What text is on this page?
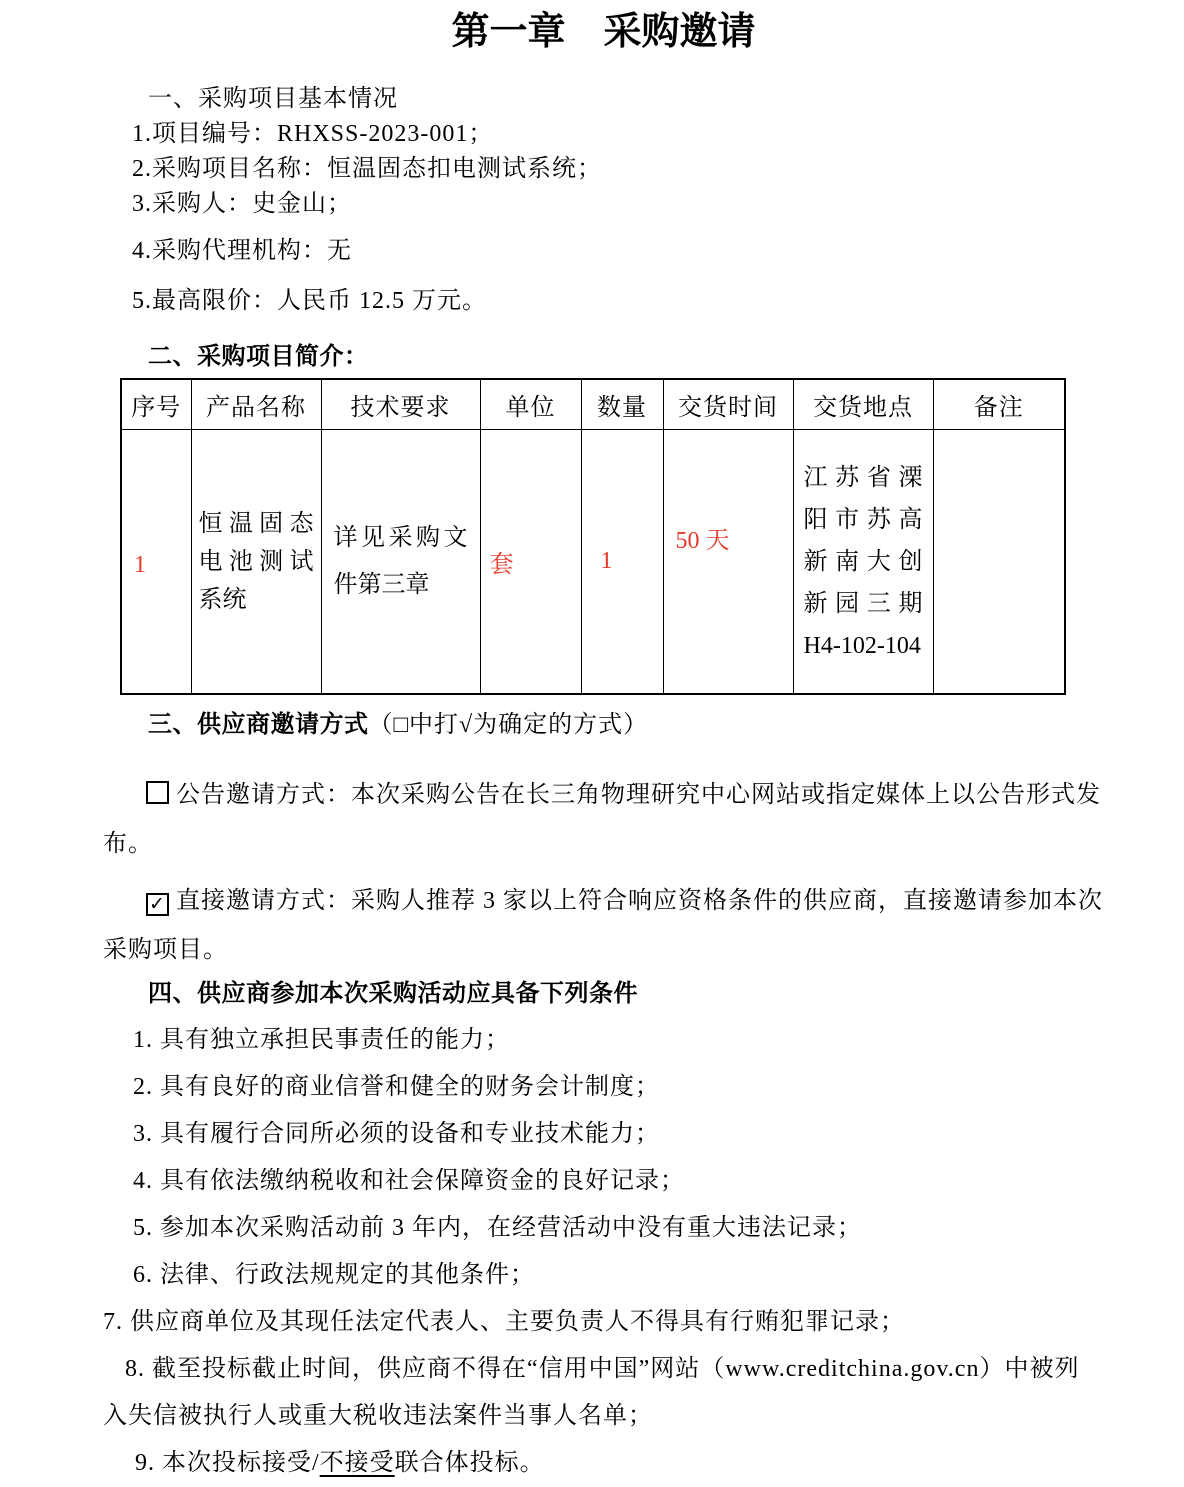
第一章　采购邀请

一、采购项目基本情况

1.项目编号：RHXSS-2023-001；

2.采购项目名称：恒温固态扣电测试系统；

3.采购人：史金山；

4.采购代理机构：无

5.最高限价：人民币 12.5 万元。

二、采购项目简介：

序号	产品名称	技术要求	单位	数量	交货时间	交货地点	备注
1	恒温固态电池测试系统	详见采购文件第三章	套	1	50 天	江苏省溧阳市苏高新南大创新园三期H4-102-104	

三、供应商邀请方式（□中打√为确定的方式）

公告邀请方式：本次采购公告在长三角物理研究中心网站或指定媒体上以公告形式发布。

✓ 直接邀请方式：采购人推荐 3 家以上符合响应资格条件的供应商，直接邀请参加本次采购项目。

四、供应商参加本次采购活动应具备下列条件

1. 具有独立承担民事责任的能力；

2. 具有良好的商业信誉和健全的财务会计制度；

3. 具有履行合同所必须的设备和专业技术能力；

4. 具有依法缴纳税收和社会保障资金的良好记录；

5. 参加本次采购活动前 3 年内，在经营活动中没有重大违法记录；

6. 法律、行政法规规定的其他条件；

7. 供应商单位及其现任法定代表人、主要负责人不得具有行贿犯罪记录；

8. 截至投标截止时间，供应商不得在“信用中国”网站（www.creditchina.gov.cn）中被列入失信被执行人或重大税收违法案件当事人名单；

9. 本次投标接受/不接受联合体投标。
